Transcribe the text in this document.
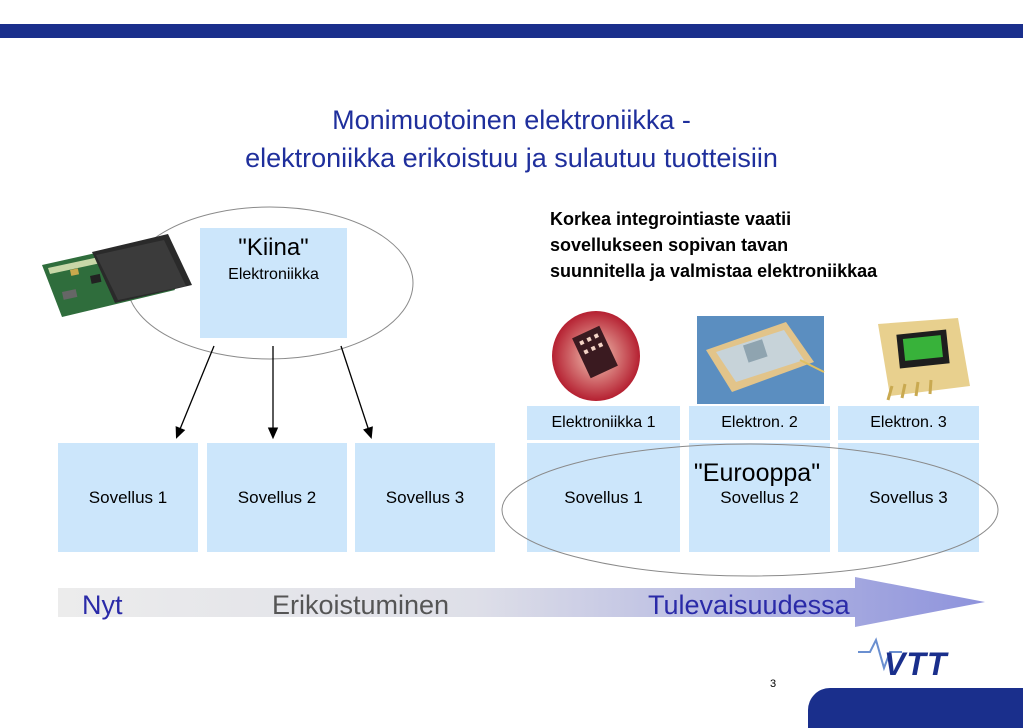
Monimuotoinen elektroniikka -
elektroniikka erikoistuu ja sulautuu tuotteisiin
Korkea integrointiaste vaatii
sovellukseen sopivan tavan
suunnitella ja valmistaa elektroniikkaa
"Kiina"
Elektroniikka
Sovellus 1	Sovellus 2	Sovellus 3
Elektroniikka 1	Elektron. 2	Elektron. 3
Sovellus 1	Sovellus 2	Sovellus 3
"Eurooppa"
Nyt	Erikoistuminen	Tulevaisuudessa
VTT
3
